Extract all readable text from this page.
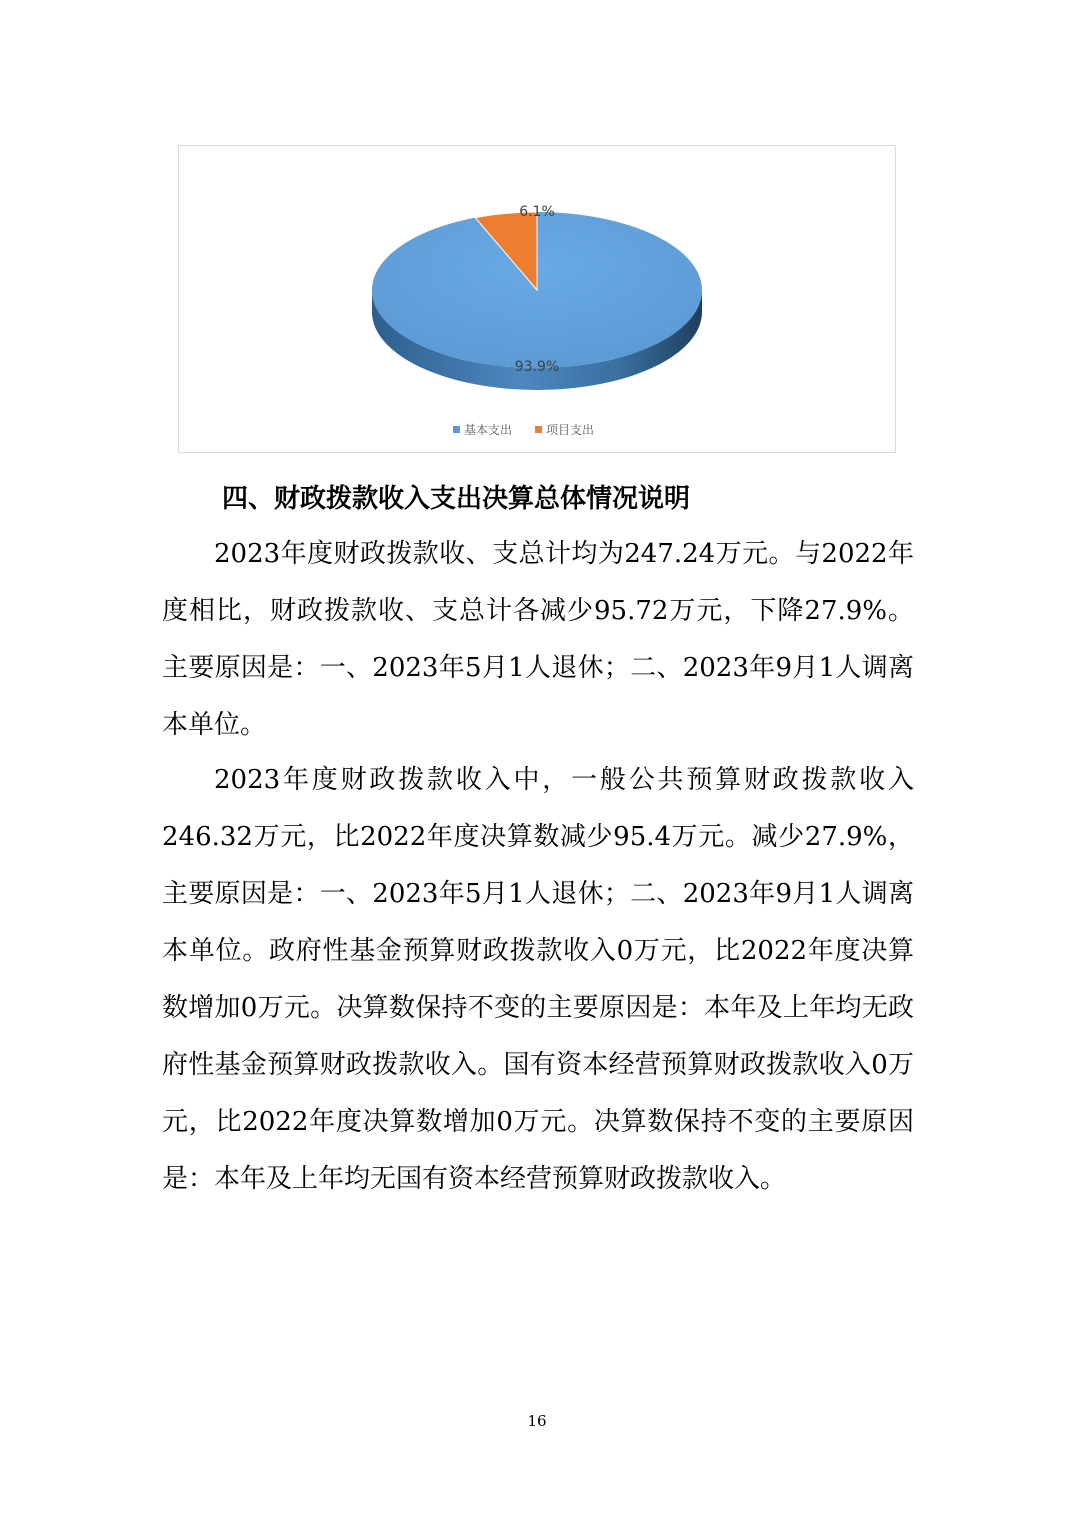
93.9%
6.1%
基本支出	项目支出
四、财政拨款收入支出决算总体情况说明

2023年度财政拨款收、支总计均为247.24万元。与2022年度相比，财政拨款收、支总计各减少95.72万元，下降27.9%。主要原因是：一、2023年5月1人退休；二、2023年9月1人调离本单位。

2023年度财政拨款收入中，一般公共预算财政拨款收入246.32万元，比2022年度决算数减少95.4万元。减少27.9%，主要原因是：一、2023年5月1人退休；二、2023年9月1人调离本单位。政府性基金预算财政拨款收入0万元，比2022年度决算数增加0万元。决算数保持不变的主要原因是：本年及上年均无政府性基金预算财政拨款收入。国有资本经营预算财政拨款收入0万元，比2022年度决算数增加0万元。决算数保持不变的主要原因是：本年及上年均无国有资本经营预算财政拨款收入。

16
